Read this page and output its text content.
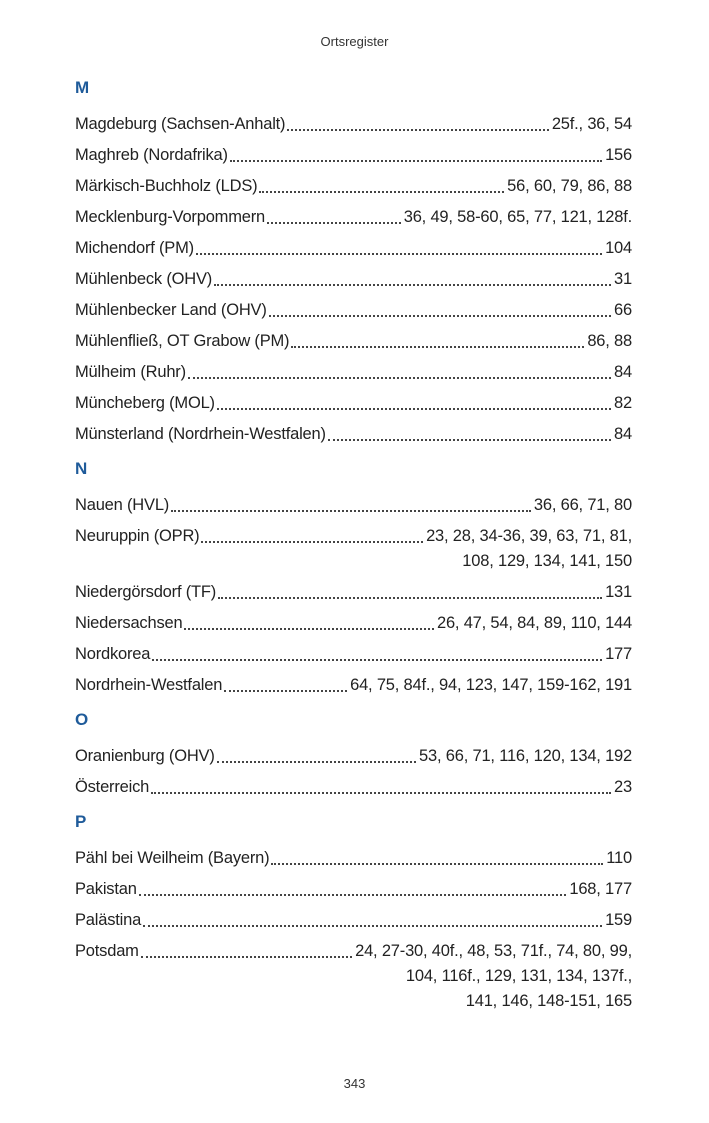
Ortsregister
M
Magdeburg (Sachsen-Anhalt)	25f., 36, 54
Maghreb (Nordafrika)	156
Märkisch-Buchholz (LDS)	56, 60, 79, 86, 88
Mecklenburg-Vorpommern	36, 49, 58-60, 65, 77, 121, 128f.
Michendorf (PM)	104
Mühlenbeck (OHV)	31
Mühlenbecker Land (OHV)	66
Mühlenfließ, OT Grabow (PM)	86, 88
Mülheim (Ruhr)	84
Müncheberg (MOL)	82
Münsterland (Nordrhein-Westfalen)	84
N
Nauen (HVL)	36, 66, 71, 80
Neuruppin (OPR)	23, 28, 34-36, 39, 63, 71, 81,
108, 129, 134, 141, 150
Niedergörsdorf (TF)	131
Niedersachsen	26, 47, 54, 84, 89, 110, 144
Nordkorea	177
Nordrhein-Westfalen	64, 75, 84f., 94, 123, 147, 159-162, 191
O
Oranienburg (OHV)	53, 66, 71, 116, 120, 134, 192
Österreich	23
P
Pähl bei Weilheim (Bayern)	110
Pakistan	168, 177
Palästina	159
Potsdam	24, 27-30, 40f., 48, 53, 71f., 74, 80, 99,
104, 116f., 129, 131, 134, 137f.,
141, 146, 148-151, 165
343
